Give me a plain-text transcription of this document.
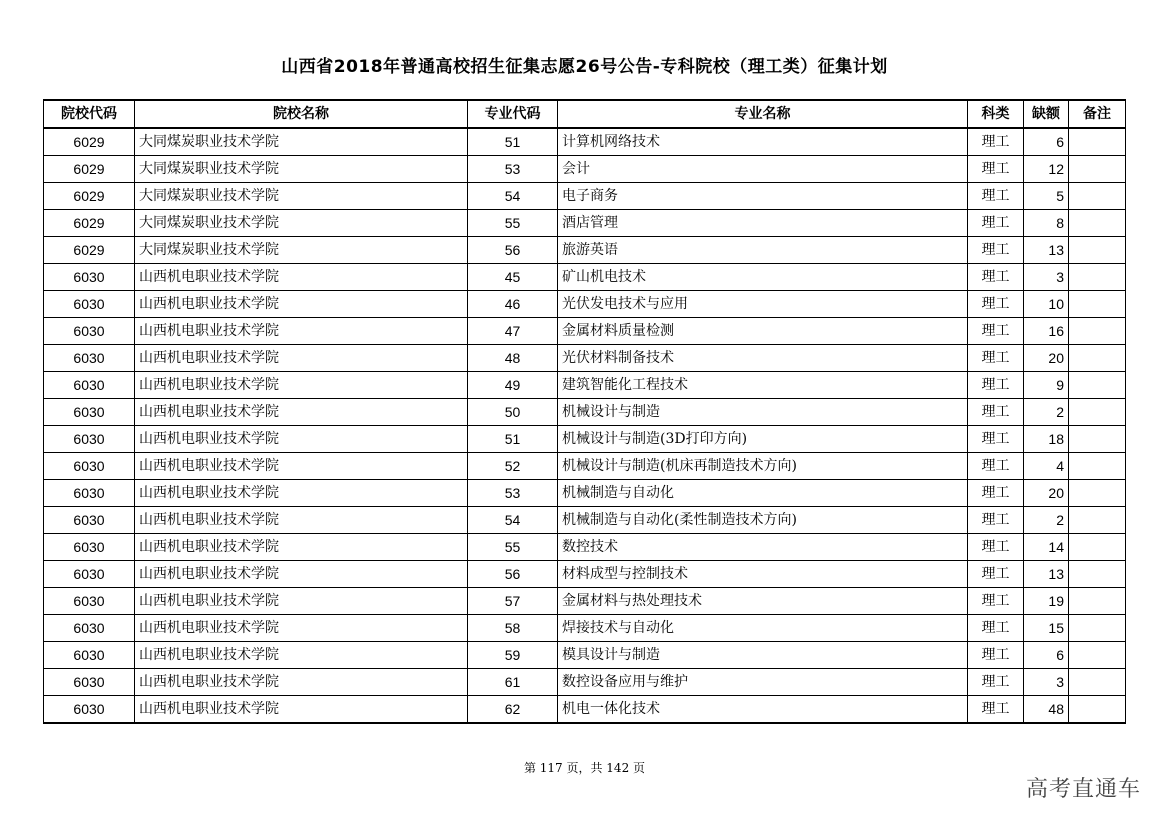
山西省2018年普通高校招生征集志愿26号公告-专科院校（理工类）征集计划
院校代码	院校名称	专业代码	专业名称	科类	缺额	备注
6029	大同煤炭职业技术学院	51	计算机网络技术	理工	6	
6029	大同煤炭职业技术学院	53	会计	理工	12	
6029	大同煤炭职业技术学院	54	电子商务	理工	5	
6029	大同煤炭职业技术学院	55	酒店管理	理工	8	
6029	大同煤炭职业技术学院	56	旅游英语	理工	13	
6030	山西机电职业技术学院	45	矿山机电技术	理工	3	
6030	山西机电职业技术学院	46	光伏发电技术与应用	理工	10	
6030	山西机电职业技术学院	47	金属材料质量检测	理工	16	
6030	山西机电职业技术学院	48	光伏材料制备技术	理工	20	
6030	山西机电职业技术学院	49	建筑智能化工程技术	理工	9	
6030	山西机电职业技术学院	50	机械设计与制造	理工	2	
6030	山西机电职业技术学院	51	机械设计与制造(3D打印方向)	理工	18	
6030	山西机电职业技术学院	52	机械设计与制造(机床再制造技术方向)	理工	4	
6030	山西机电职业技术学院	53	机械制造与自动化	理工	20	
6030	山西机电职业技术学院	54	机械制造与自动化(柔性制造技术方向)	理工	2	
6030	山西机电职业技术学院	55	数控技术	理工	14	
6030	山西机电职业技术学院	56	材料成型与控制技术	理工	13	
6030	山西机电职业技术学院	57	金属材料与热处理技术	理工	19	
6030	山西机电职业技术学院	58	焊接技术与自动化	理工	15	
6030	山西机电职业技术学院	59	模具设计与制造	理工	6	
6030	山西机电职业技术学院	61	数控设备应用与维护	理工	3	
6030	山西机电职业技术学院	62	机电一体化技术	理工	48	
第 117 页，共 142 页
高考直通车
